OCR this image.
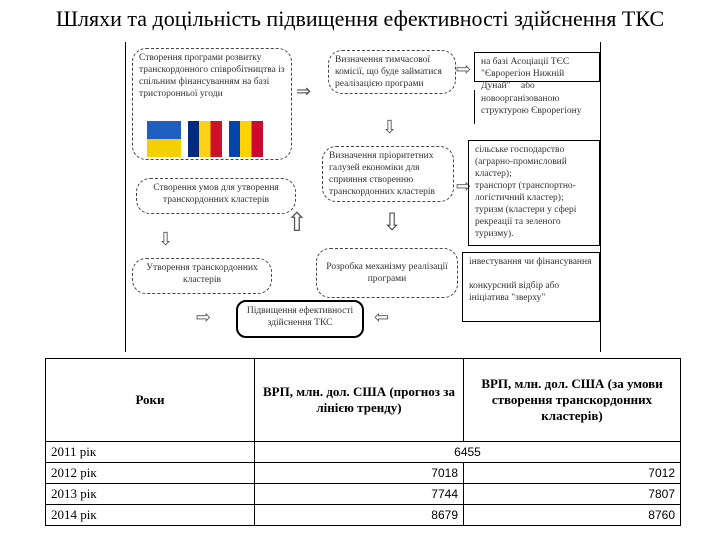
Шляхи та доцільність підвищення ефективності здійснення ТКС
Створення програми розвитку транскордонного співробітництва із спільним фінансуванням на базі тристоронньої угоди	⇒
Визначення тимчасової комісії, що буде займатися реалізацією програми
⇨	на базі Асоціації ТЄС "Єврорегіон Нижній Дунай"	або
новоорганізованою структурою Єврорегіону
⇩
Визначення пріоритетних галузей економіки для сприяння створенню транскордонних кластерів	⇨
сільське господарство (аграрно-промисловий кластер);
транспорт (транспортно-логістичний кластер);
туризм (кластери у сфері рекреації та зеленого туризму).
Створення умов для утворення транскордонних кластерів
⇧	⇩
⇩
Утворення транскордонних кластерів
Розробка механізму реалізації програми
інвестування чи фінансування
конкурсний відбір або ініціатива "зверху"
⇨	Підвищення ефективності здійснення ТКС	⇦
Роки	ВРП, млн. дол. США (прогноз за лінією тренду)	ВРП, млн. дол. США (за умови створення транскордонних кластерів)
2011 рік	6455	
2012 рік	7018	7012
2013 рік	7744	7807
2014 рік	8679	8760
